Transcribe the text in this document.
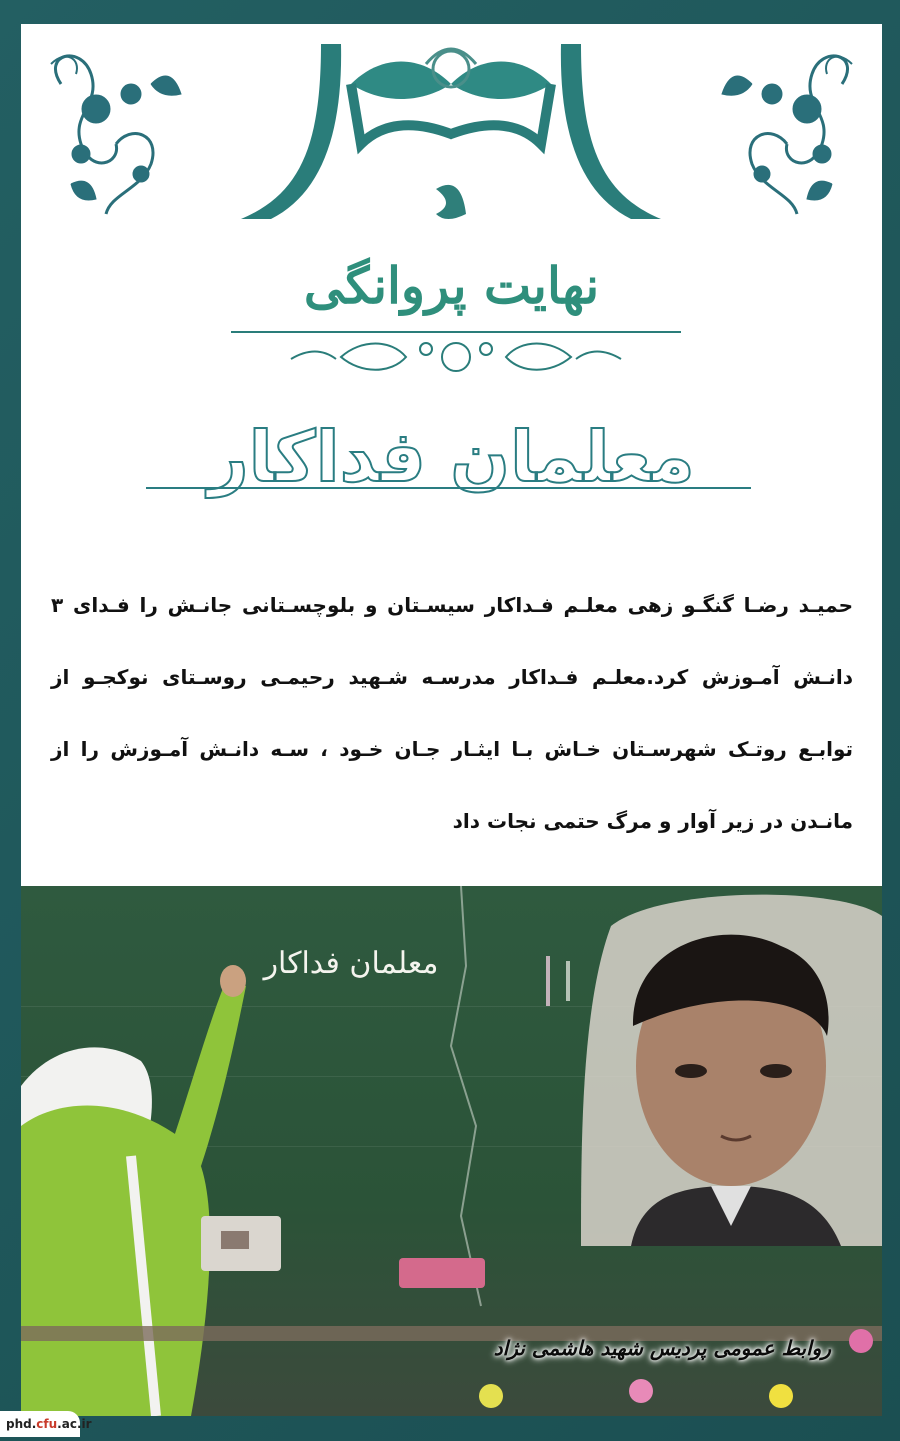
نهایت پروانگی
معلمان فداکار
حمیـد رضـا گنگـو زهی معلـم فـداکار سیسـتان و بلوچسـتانی جانـش را فـدای ۳ دانـش آمـوزش کرد.معلـم فـداکار مدرسـه شـهید رحیمـی روسـتای نوکجـو از توابـع روتـک شهرسـتان خـاش بـا ایثـار جـان خـود ، سـه دانـش آمـوزش را از مانـدن در زیر آوار و مرگ حتمی نجات داد
معلمان فداکار
روابط عمومی پردیس شهید هاشمی نژاد
phd.cfu.ac.ir
